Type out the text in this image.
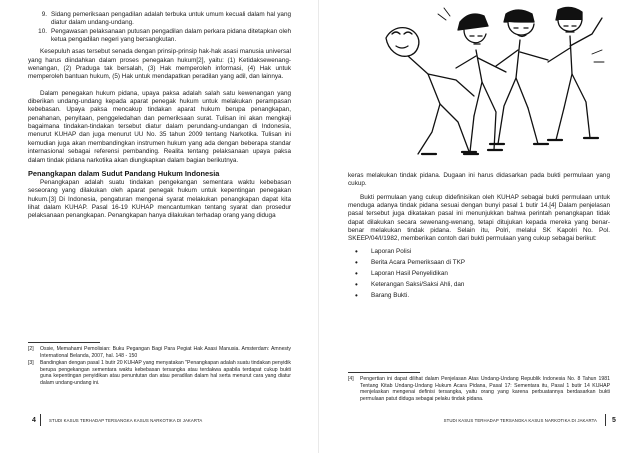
9. Sidang pemeriksaan pengadilan adalah terbuka untuk umum kecuali dalam hal yang diatur dalam undang-undang.
10. Pengawasan pelaksanaan putusan pengadilan dalam perkara pidana ditetapkan oleh ketua pengadilan negeri yang bersangkutan.

Kesepuluh asas tersebut senada dengan prinsip-prinsip hak-hak asasi manusia universal yang harus diindahkan dalam proses penegakan hukum[2], yaitu: (1) Ketidaksewenang-wenangan, (2) Praduga tak bersalah, (3) Hak memperoleh informasi, (4) Hak untuk memperoleh bantuan hukum, (5) Hak untuk mendapatkan peradilan yang adil, dan lainnya.

Dalam penegakan hukum pidana, upaya paksa adalah salah satu kewenangan yang diberikan undang-undang kepada aparat penegak hukum untuk melakukan perampasan kebebasan. Upaya paksa mencakup tindakan aparat hukum berupa penangkapan, penahanan, penyitaan, penggeledahan dan pemeriksaan surat. Tulisan ini akan mengkaji bagaimana tindakan-tindakan tersebut diatur dalam perundang-undangan di Indonesia, menurut KUHAP dan juga menurut UU No. 35 tahun 2009 tentang Narkotika. Tulisan ini kemudian juga akan membandingkan instrumen hukum yang ada dengan beberapa standar internasional sebagai referensi pembanding. Realita tentang pelaksanaan upaya paksa dalam tindak pidana narkotika akan diungkapkan dalam bagian berikutnya.

Penangkapan dalam Sudut Pandang Hukum Indonesia

Penangkapan adalah suatu tindakan pengekangan sementara waktu kebebasan seseorang yang dilakukan oleh aparat penegak hukum untuk kepentingan penegakan hukum.[3] Di Indonesia, pengaturan mengenai syarat melakukan penangkapan dapat kita lihat dalam KUHAP. Pasal 16-19 KUHAP mencantumkan tentang syarat dan prosedur pelaksanaan penangkapan. Penangkapan hanya dilakukan terhadap orang yang diduga

[2]	Ossie, Memahami Pemolisian: Buku Pegangan Bagi Para Pegiat Hak Asasi Manusia. Amsterdam: Amnesty International Belanda, 2007, hal. 148 - 150
[3]	Bandingkan dengan pasal 1 butir 20 KUHAP yang menyatakan "Penangkapan adalah suatu tindakan penyidik berupa pengekangan sementara waktu kebebasan tersangka atau terdakwa apabila terdapat cukup bukti guna kepentingan penyidikan atau penuntutan dan atau peradilan dalam hal serta menurut cara yang diatur dalam undang-undang ini.
4	STUDI KASUS TERHADAP TERSANGKA KASUS NARKOTIKA DI JAKARTA

keras melakukan tindak pidana. Dugaan ini harus didasarkan pada bukti permulaan yang cukup.

Bukti permulaan yang cukup didefinisikan oleh KUHAP sebagai bukti permulaan untuk menduga adanya tindak pidana sesuai dengan bunyi pasal 1 butir 14.[4] Dalam penjelasan pasal tersebut juga dikatakan pasal ini menunjukkan bahwa perintah penangkapan tidak dapat dilakukan secara sewenang-wenang, tetapi ditujukan kepada mereka yang benar-benar melakukan tindak pidana. Selain itu, Polri, melalui SK Kapolri No. Pol. SKEEP/04/I/1982, memberikan contoh dari bukti permulaan yang cukup sebagai berikut:

•	Laporan Polisi
•	Berita Acara Pemeriksaan di TKP
•	Laporan Hasil Penyelidikan
•	Keterangan Saksi/Saksi Ahli, dan
•	Barang Bukti.
[4]	Pengertian ini dapat dilihat dalam Penjelasan Atas Undang-Undang Republik Indonesia No. 8 Tahun 1981 Tentang Kitab Undang-Undang Hukum Acara Pidana, Pasal 17: Sementara itu, Pasal 1 butir 14 KUHAP menjelaskan mengenai definisi tersangka, yaitu orang yang karena perbuatannya berdasarkan bukti permulaan patut diduga sebagai pelaku tindak pidana.
STUDI KASUS TERHADAP TERSANGKA KASUS NARKOTIKA DI JAKARTA 5
